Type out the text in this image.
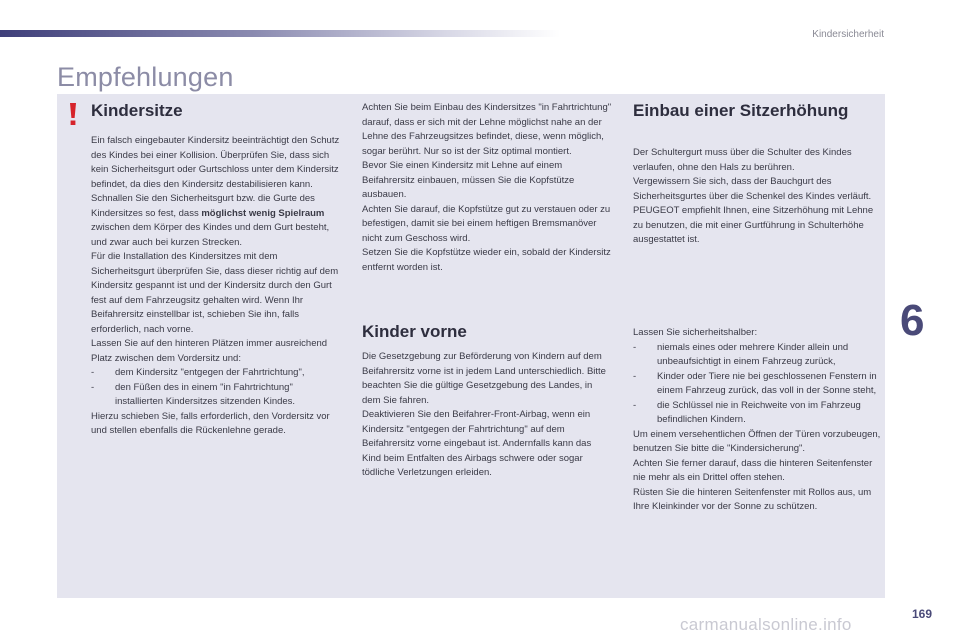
Kindersicherheit
Empfehlungen
Kindersitze

Ein falsch eingebauter Kindersitz beeinträchtigt den Schutz des Kindes bei einer Kollision. Überprüfen Sie, dass sich kein Sicherheitsgurt oder Gurtschloss unter dem Kindersitz befindet, da dies den Kindersitz destabilisieren kann.

Schnallen Sie den Sicherheitsgurt bzw. die Gurte des Kindersitzes so fest, dass möglichst wenig Spielraum zwischen dem Körper des Kindes und dem Gurt besteht, und zwar auch bei kurzen Strecken.

Für die Installation des Kindersitzes mit dem Sicherheitsgurt überprüfen Sie, dass dieser richtig auf dem Kindersitz gespannt ist und der Kindersitz durch den Gurt fest auf dem Fahrzeugsitz gehalten wird. Wenn Ihr Beifahrersitz einstellbar ist, schieben Sie ihn, falls erforderlich, nach vorne.

Lassen Sie auf den hinteren Plätzen immer ausreichend Platz zwischen dem Vordersitz und:

-	dem Kindersitz "entgegen der Fahrtrichtung",
-	den Füßen des in einem "in Fahrtrichtung" installierten Kindersitzes sitzenden Kindes.

Hierzu schieben Sie, falls erforderlich, den Vordersitz vor und stellen ebenfalls die Rückenlehne gerade.

Achten Sie beim Einbau des Kindersitzes "in Fahrtrichtung" darauf, dass er sich mit der Lehne möglichst nahe an der Lehne des Fahrzeugsitzes befindet, diese, wenn möglich, sogar berührt. Nur so ist der Sitz optimal montiert.

Bevor Sie einen Kindersitz mit Lehne auf einem Beifahrersitz einbauen, müssen Sie die Kopfstütze ausbauen.

Achten Sie darauf, die Kopfstütze gut zu verstauen oder zu befestigen, damit sie bei einem heftigen Bremsmanöver nicht zum Geschoss wird.

Setzen Sie die Kopfstütze wieder ein, sobald der Kindersitz entfernt worden ist.

Kinder vorne

Die Gesetzgebung zur Beförderung von Kindern auf dem Beifahrersitz vorne ist in jedem Land unterschiedlich. Bitte beachten Sie die gültige Gesetzgebung des Landes, in dem Sie fahren.

Deaktivieren Sie den Beifahrer-Front-Airbag, wenn ein Kindersitz "entgegen der Fahrtrichtung" auf dem Beifahrersitz vorne eingebaut ist. Andernfalls kann das Kind beim Entfalten des Airbags schwere oder sogar tödliche Verletzungen erleiden.

Einbau einer Sitzerhöhung

Der Schultergurt muss über die Schulter des Kindes verlaufen, ohne den Hals zu berühren.

Vergewissern Sie sich, dass der Bauchgurt des Sicherheitsgurtes über die Schenkel des Kindes verläuft.

PEUGEOT empfiehlt Ihnen, eine Sitzerhöhung mit Lehne zu benutzen, die mit einer Gurtführung in Schulterhöhe ausgestattet ist.

Lassen Sie sicherheitshalber:

-	niemals eines oder mehrere Kinder allein und unbeaufsichtigt in einem Fahrzeug zurück,
-	Kinder oder Tiere nie bei geschlossenen Fenstern in einem Fahrzeug zurück, das voll in der Sonne steht,
-	die Schlüssel nie in Reichweite von im Fahrzeug befindlichen Kindern.

Um einem versehentlichen Öffnen der Türen vorzubeugen, benutzen Sie bitte die "Kindersicherung".

Achten Sie ferner darauf, dass die hinteren Seitenfenster nie mehr als ein Drittel offen stehen.

Rüsten Sie die hinteren Seitenfenster mit Rollos aus, um Ihre Kleinkinder vor der Sonne zu schützen.

6
169
carmanualsonline.info
